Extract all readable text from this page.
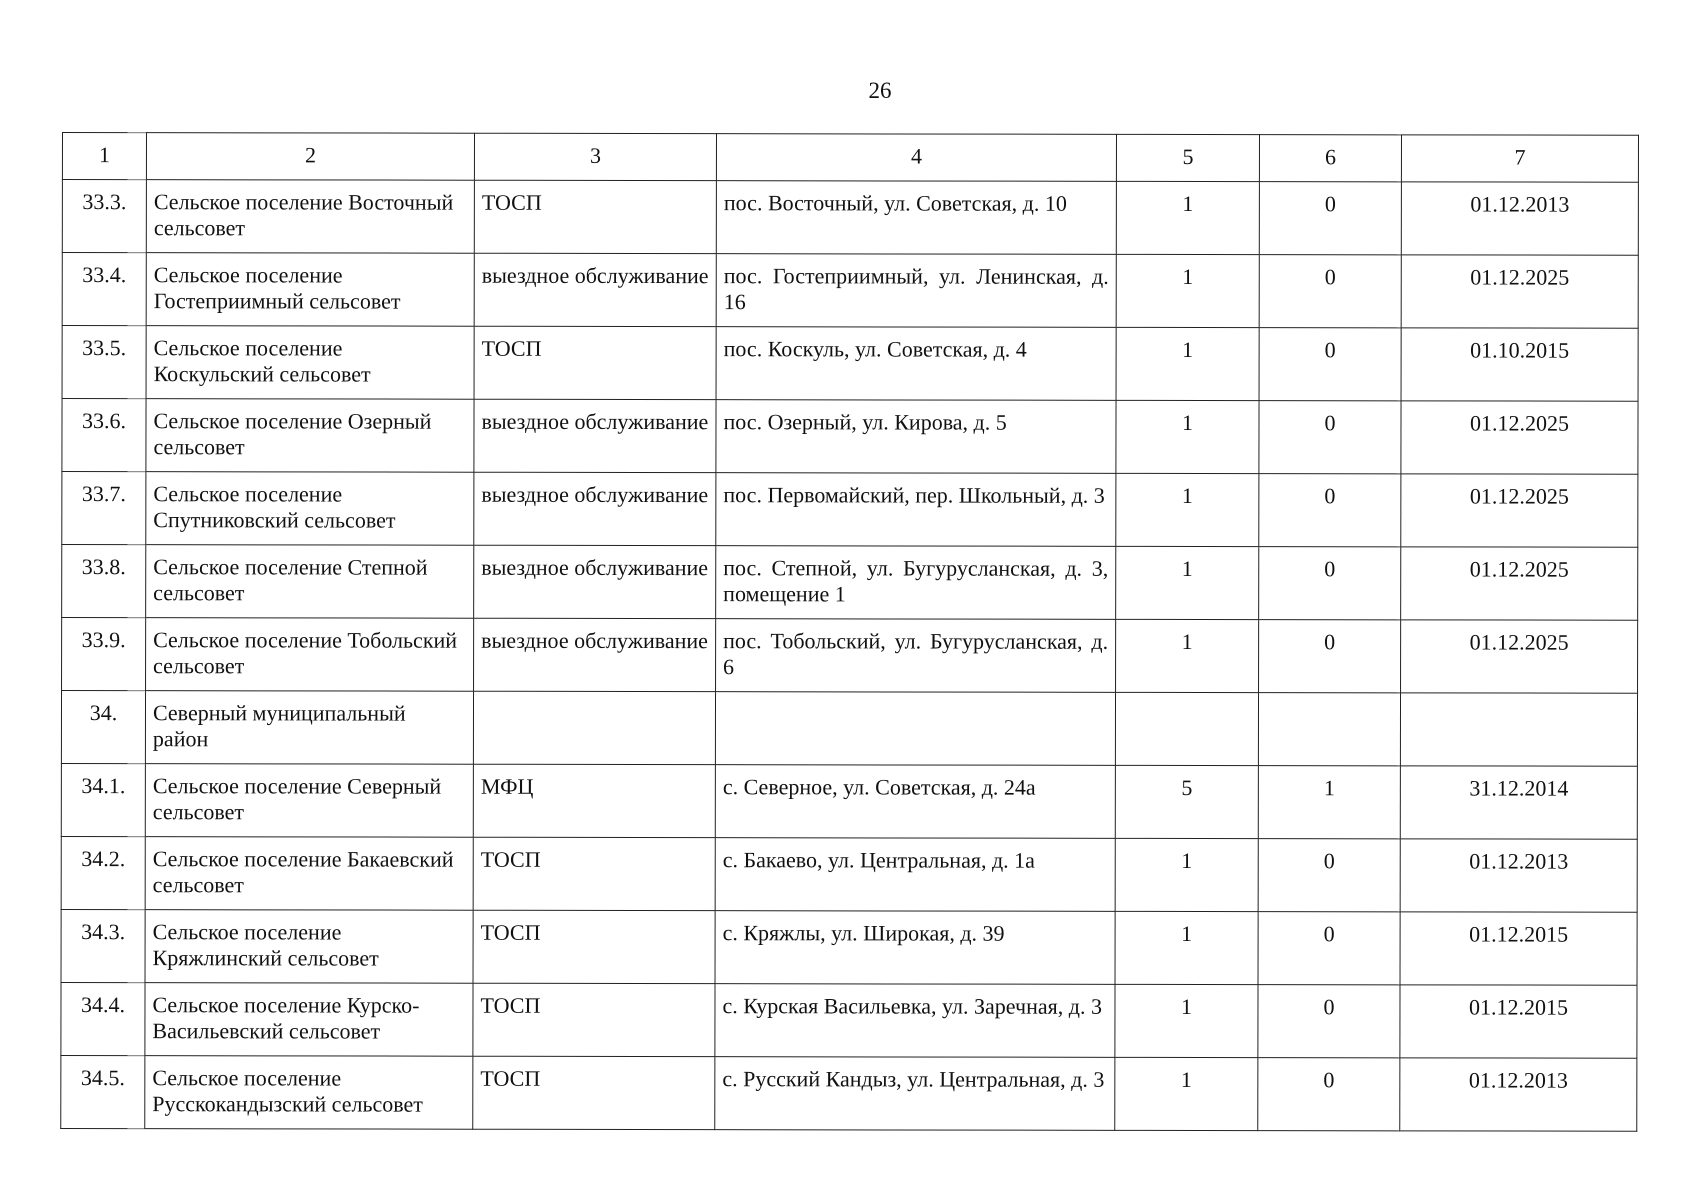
26
1	2	3	4	5	6	7
33.3.	Сельское поселение Восточный сельсовет	ТОСП	пос. Восточный, ул. Советская, д. 10	1	0	01.12.2013
33.4.	Сельское поселение Гостеприимный сельсовет	выездное обслуживание	пос. Гостеприимный, ул. Ленинская, д. 16	1	0	01.12.2025
33.5.	Сельское поселение Коскульский сельсовет	ТОСП	пос. Коскуль, ул. Советская, д. 4	1	0	01.10.2015
33.6.	Сельское поселение Озерный сельсовет	выездное обслуживание	пос. Озерный, ул. Кирова, д. 5	1	0	01.12.2025
33.7.	Сельское поселение Спутниковский сельсовет	выездное обслуживание	пос. Первомайский, пер. Школьный, д. 3	1	0	01.12.2025
33.8.	Сельское поселение Степной сельсовет	выездное обслуживание	пос. Степной, ул. Бугурусланская, д. 3, помещение 1	1	0	01.12.2025
33.9.	Сельское поселение Тобольский сельсовет	выездное обслуживание	пос. Тобольский, ул. Бугурусланская, д. 6	1	0	01.12.2025
34.	Северный муниципальный район					
34.1.	Сельское поселение Северный сельсовет	МФЦ	с. Северное, ул. Советская, д. 24а	5	1	31.12.2014
34.2.	Сельское поселение Бакаевский сельсовет	ТОСП	с. Бакаево, ул. Центральная, д. 1а	1	0	01.12.2013
34.3.	Сельское поселение Кряжлинский сельсовет	ТОСП	с. Кряжлы, ул. Широкая, д. 39	1	0	01.12.2015
34.4.	Сельское поселение Курско-Васильевский сельсовет	ТОСП	с. Курская Васильевка, ул. Заречная, д. 3	1	0	01.12.2015
34.5.	Сельское поселение Русскокандызский сельсовет	ТОСП	с. Русский Кандыз, ул. Центральная, д. 3	1	0	01.12.2013
